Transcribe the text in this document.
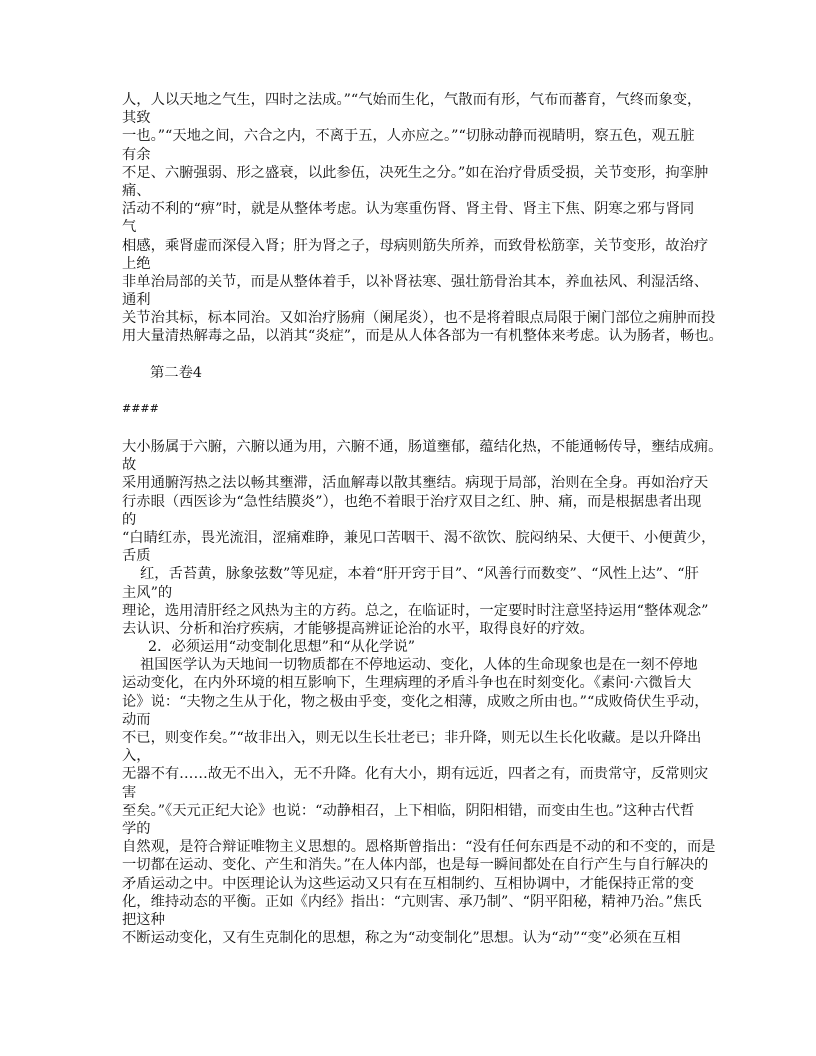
人，人以天地之气生，四时之法成。”“气始而生化，气散而有形，气布而蕃育，气终而象变，
其致
一也。”“天地之间，六合之内，不离于五，人亦应之。”“切脉动静而视睛明，察五色，观五脏
有余
不足、六腑强弱、形之盛衰，以此参伍，决死生之分。”如在治疗骨质受损，关节变形，拘挛肿
痛、
活动不利的“痹”时，就是从整体考虑。认为寒重伤肾、肾主骨、肾主下焦、阴寒之邪与肾同
气
相感，乘肾虚而深侵入肾；肝为肾之子，母病则筋失所养，而致骨松筋挛，关节变形，故治疗
上绝
非单治局部的关节，而是从整体着手，以补肾祛寒、强壮筋骨治其本，养血祛风、利湿活络、
通利
关节治其标，标本同治。又如治疗肠痈（阑尾炎），也不是将着眼点局限于阑门部位之痈肿而投
用大量清热解毒之品，以消其“炎症”，而是从人体各部为一有机整体来考虑。认为肠者，畅也。
第二卷4
####
大小肠属于六腑，六腑以通为用，六腑不通，肠道壅郁，蕴结化热，不能通畅传导，壅结成痈。
故
采用通腑泻热之法以畅其壅滞，活血解毒以散其壅结。病现于局部，治则在全身。再如治疗天
行赤眼（西医诊为“急性结膜炎”），也绝不着眼于治疗双目之红、肿、痛，而是根据患者出现
的
“白睛红赤，畏光流泪，涩痛难睁，兼见口苦咽干、渴不欲饮、脘闷纳呆、大便干、小便黄少，
舌质
红，舌苔黄，脉象弦数”等见症，本着“肝开窍于目”、“风善行而数变”、“风性上达”、“肝
主风”的
理论，选用清肝经之风热为主的方药。总之，在临证时，一定要时时注意坚持运用“整体观念”
去认识、分析和治疗疾病，才能够提高辨证论治的水平，取得良好的疗效。
2．必须运用“动变制化思想”和“从化学说”
祖国医学认为天地间一切物质都在不停地运动、变化，人体的生命现象也是在一刻不停地
运动变化，在内外环境的相互影响下，生理病理的矛盾斗争也在时刻变化。《素问·六微旨大
论》说：“夫物之生从于化，物之极由乎变，变化之相薄，成败之所由也。”“成败倚伏生乎动，
动而
不已，则变作矣。”“故非出入，则无以生长壮老已；非升降，则无以生长化收藏。是以升降出
入，
无器不有……故无不出入，无不升降。化有大小，期有远近，四者之有，而贵常守，反常则灾
害
至矣。”《天元正纪大论》也说：“动静相召，上下相临，阴阳相错，而变由生也。”这种古代哲
学的
自然观，是符合辩证唯物主义思想的。恩格斯曾指出：“没有任何东西是不动的和不变的，而是
一切都在运动、变化、产生和消失。”在人体内部，也是每一瞬间都处在自行产生与自行解决的
矛盾运动之中。中医理论认为这些运动又只有在互相制约、互相协调中，才能保持正常的变
化，维持动态的平衡。正如《内经》指出：“亢则害、承乃制”、“阴平阳秘，精神乃治。”焦氏
把这种
不断运动变化，又有生克制化的思想，称之为“动变制化”思想。认为“动”“变”必须在互相
